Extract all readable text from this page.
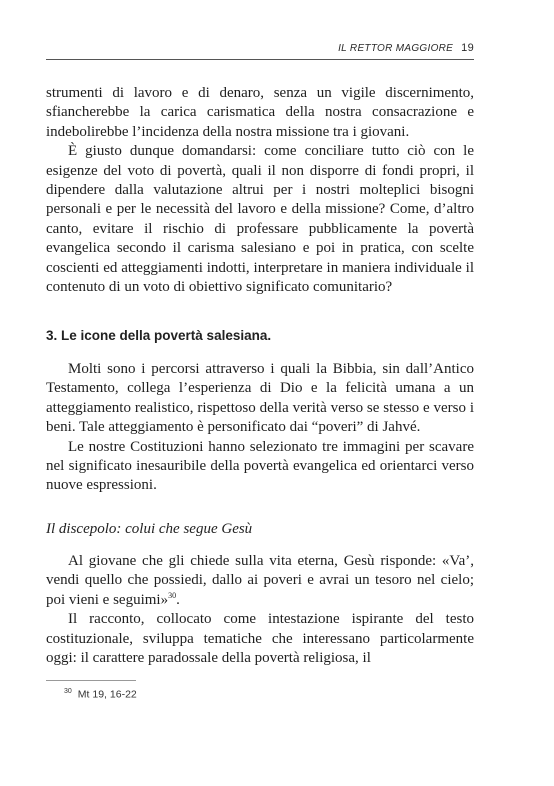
IL RETTOR MAGGIORE 19

strumenti di lavoro e di denaro, senza un vigile discernimento, sfiancherebbe la carica carismatica della nostra consacrazione e indebolirebbe l’incidenza della nostra missione tra i giovani.

È giusto dunque domandarsi: come conciliare tutto ciò con le esigenze del voto di povertà, quali il non disporre di fondi propri, il dipendere dalla valutazione altrui per i nostri molteplici bisogni personali e per le necessità del lavoro e della missione? Come, d’altro canto, evitare il rischio di professare pubblicamente la povertà evangelica secondo il carisma salesiano e poi in pratica, con scelte coscienti ed atteggiamenti indotti, interpretare in maniera individuale il contenuto di un voto di obiettivo significato comunitario?

3. Le icone della povertà salesiana.

Molti sono i percorsi attraverso i quali la Bibbia, sin dall’Antico Testamento, collega l’esperienza di Dio e la felicità umana a un atteggiamento realistico, rispettoso della verità verso se stesso e verso i beni. Tale atteggiamento è personificato dai “poveri” di Jahvé.

Le nostre Costituzioni hanno selezionato tre immagini per scavare nel significato inesauribile della povertà evangelica ed orientarci verso nuove espressioni.

Il discepolo: colui che segue Gesù

Al giovane che gli chiede sulla vita eterna, Gesù risponde: «Va’, vendi quello che possiedi, dallo ai poveri e avrai un tesoro nel cielo; poi vieni e seguimi»$^{30}$.

Il racconto, collocato come intestazione ispirante del testo costituzionale, sviluppa tematiche che interessano particolarmente oggi: il carattere paradossale della povertà religiosa, il

$^{30}$ Mt 19, 16-22
